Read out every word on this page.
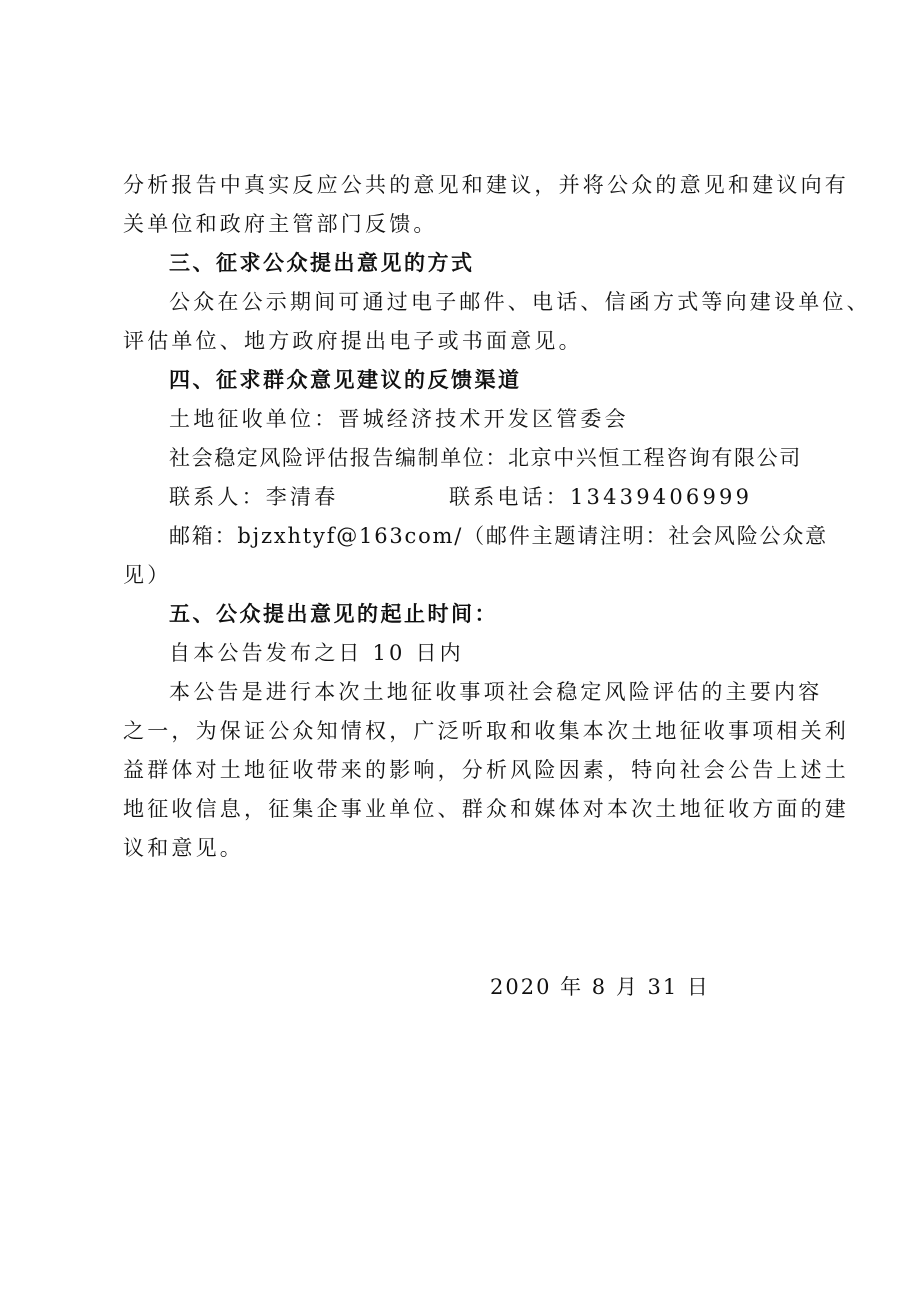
分析报告中真实反应公共的意见和建议，并将公众的意见和建议向有
关单位和政府主管部门反馈。
三、征求公众提出意见的方式
公众在公示期间可通过电子邮件、电话、信函方式等向建设单位、
评估单位、地方政府提出电子或书面意见。
四、征求群众意见建议的反馈渠道
土地征收单位：晋城经济技术开发区管委会
社会稳定风险评估报告编制单位：北京中兴恒工程咨询有限公司
联系人：李清春	联系电话：13439406999
邮箱：bjzxhtyf@163com/（邮件主题请注明：社会风险公众意
见）
五、公众提出意见的起止时间：
自本公告发布之日 10 日内
本公告是进行本次土地征收事项社会稳定风险评估的主要内容
之一，为保证公众知情权，广泛听取和收集本次土地征收事项相关利
益群体对土地征收带来的影响，分析风险因素，特向社会公告上述土
地征收信息，征集企事业单位、群众和媒体对本次土地征收方面的建
议和意见。
2020 年 8 月 31 日
